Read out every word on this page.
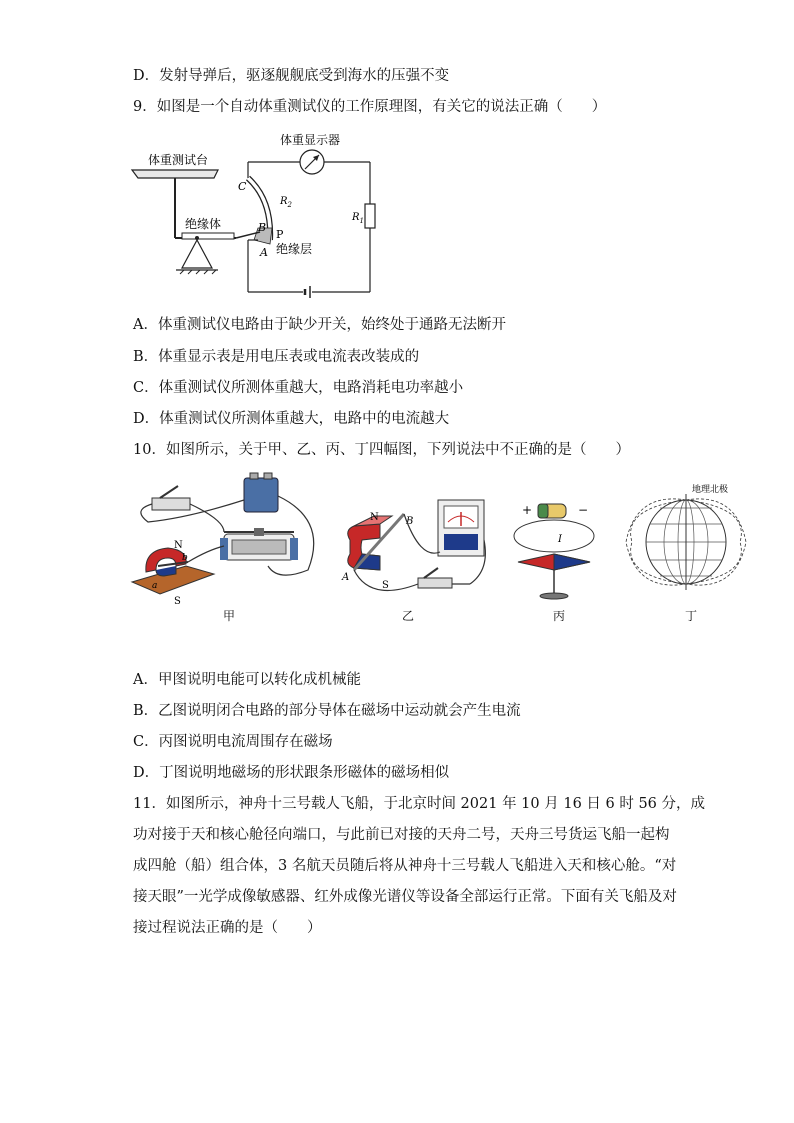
D．发射导弹后，驱逐舰舰底受到海水的压强不变
9．如图是一个自动体重测试仪的工作原理图，有关它的说法正确（　　）
体重测试台
绝缘体
C
B
A
P
绝缘层
$R_2$
体重显示器
$R_1$
A．体重测试仪电路由于缺少开关，始终处于通路无法断开
B．体重显示表是用电压表或电流表改装成的
C．体重测试仪所测体重越大，电路消耗电功率越小
D．体重测试仪所测体重越大，电路中的电流越大
10．如图所示，关于甲、乙、丙、丁四幅图，下列说法中不正确的是（　　）
N
S
a
b
甲
N
S
A
B
乙
+	−
I
丙
地理北极
丁
A．甲图说明电能可以转化成机械能
B．乙图说明闭合电路的部分导体在磁场中运动就会产生电流
C．丙图说明电流周围存在磁场
D．丁图说明地磁场的形状跟条形磁体的磁场相似
11．如图所示，神舟十三号载人飞船，于北京时间 2021 年 10 月 16 日 6 时 56 分，成
功对接于天和核心舱径向端口，与此前已对接的天舟二号，天舟三号货运飞船一起构
成四舱（船）组合体，3 名航天员随后将从神舟十三号载人飞船进入天和核心舱。“对
接天眼”一光学成像敏感器、红外成像光谱仪等设备全部运行正常。下面有关飞船及对
接过程说法正确的是（　　）
